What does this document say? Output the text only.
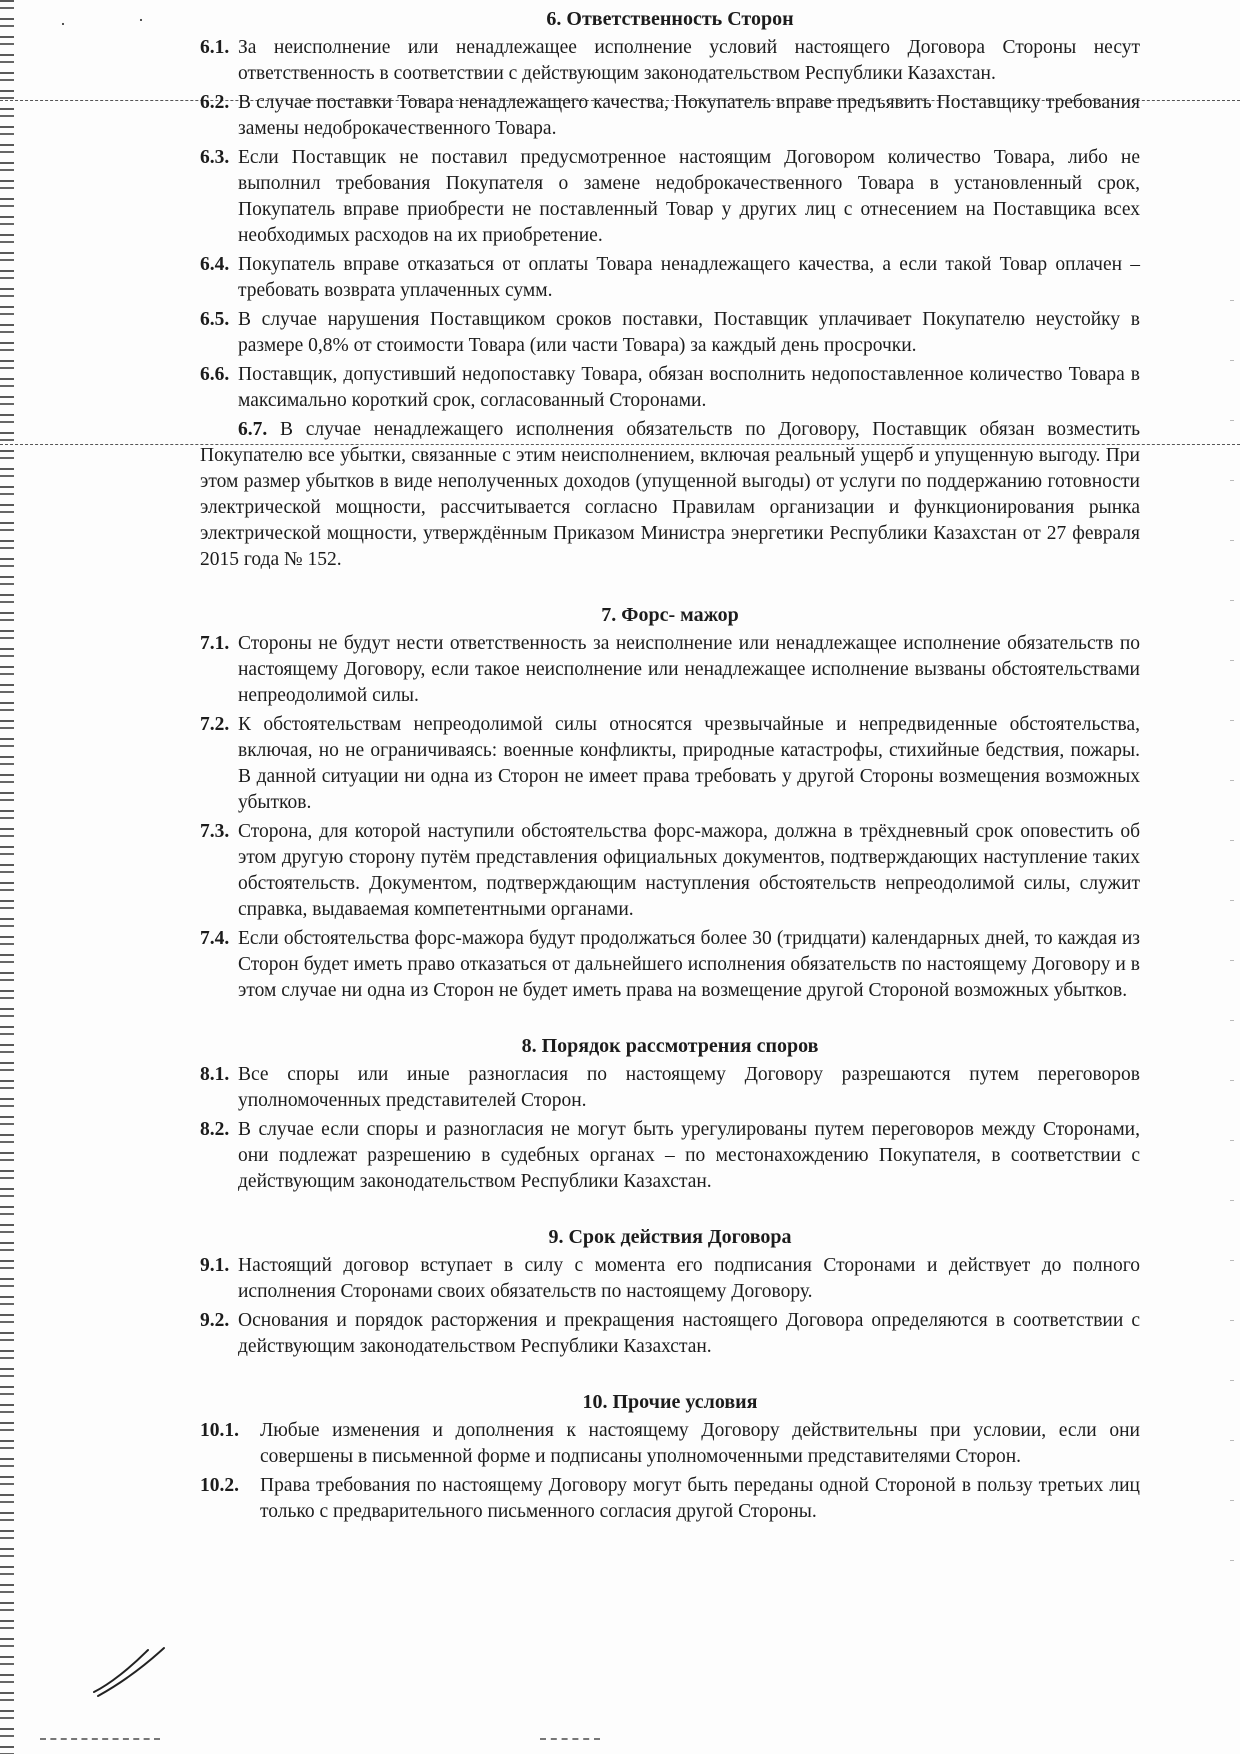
·	·	6. Ответственность Сторон
6.1. За неисполнение или ненадлежащее исполнение условий настоящего Договора Стороны несут ответственность в соответствии с действующим законодательством Республики Казахстан.
6.2. В случае поставки Товара ненадлежащего качества, Покупатель вправе предъявить Поставщику требования замены недоброкачественного Товара.
6.3. Если Поставщик не поставил предусмотренное настоящим Договором количество Товара, либо не выполнил требования Покупателя о замене недоброкачественного Товара в установленный срок, Покупатель вправе приобрести не поставленный Товар у других лиц с отнесением на Поставщика всех необходимых расходов на их приобретение.
6.4. Покупатель вправе отказаться от оплаты Товара ненадлежащего качества, а если такой Товар оплачен – требовать возврата уплаченных сумм.
6.5. В случае нарушения Поставщиком сроков поставки, Поставщик уплачивает Покупателю неустойку в размере 0,8% от стоимости Товара (или части Товара) за каждый день просрочки.
6.6. Поставщик, допустивший недопоставку Товара, обязан восполнить недопоставленное количество Товара в максимально короткий срок, согласованный Сторонами.
6.7. В случае ненадлежащего исполнения обязательств по Договору, Поставщик обязан возместить Покупателю все убытки, связанные с этим неисполнением, включая реальный ущерб и упущенную выгоду. При этом размер убытков в виде неполученных доходов (упущенной выгоды) от услуги по поддержанию готовности электрической мощности, рассчитывается согласно Правилам организации и функционирования рынка электрической мощности, утверждённым Приказом Министра энергетики Республики Казахстан от 27 февраля 2015 года № 152.
7. Форс- мажор
7.1. Стороны не будут нести ответственность за неисполнение или ненадлежащее исполнение обязательств по настоящему Договору, если такое неисполнение или ненадлежащее исполнение вызваны обстоятельствами непреодолимой силы.
7.2. К обстоятельствам непреодолимой силы относятся чрезвычайные и непредвиденные обстоятельства, включая, но не ограничиваясь: военные конфликты, природные катастрофы, стихийные бедствия, пожары. В данной ситуации ни одна из Сторон не имеет права требовать у другой Стороны возмещения возможных убытков.
7.3. Сторона, для которой наступили обстоятельства форс-мажора, должна в трёхдневный срок оповестить об этом другую сторону путём представления официальных документов, подтверждающих наступление таких обстоятельств. Документом, подтверждающим наступления обстоятельств непреодолимой силы, служит справка, выдаваемая компетентными органами.
7.4. Если обстоятельства форс-мажора будут продолжаться более 30 (тридцати) календарных дней, то каждая из Сторон будет иметь право отказаться от дальнейшего исполнения обязательств по настоящему Договору и в этом случае ни одна из Сторон не будет иметь права на возмещение другой Стороной возможных убытков.
8. Порядок рассмотрения споров
8.1. Все споры или иные разногласия по настоящему Договору разрешаются путем переговоров уполномоченных представителей Сторон.
8.2. В случае если споры и разногласия не могут быть урегулированы путем переговоров между Сторонами, они подлежат разрешению в судебных органах – по местонахождению Покупателя, в соответствии с действующим законодательством Республики Казахстан.
9. Срок действия Договора
9.1. Настоящий договор вступает в силу с момента его подписания Сторонами и действует до полного исполнения Сторонами своих обязательств по настоящему Договору.
9.2. Основания и порядок расторжения и прекращения настоящего Договора определяются в соответствии с действующим законодательством Республики Казахстан.
10. Прочие условия
10.1. Любые изменения и дополнения к настоящему Договору действительны при условии, если они совершены в письменной форме и подписаны уполномоченными представителями Сторон.
10.2. Права требования по настоящему Договору могут быть переданы одной Стороной в пользу третьих лиц только с предварительного письменного согласия другой Стороны.
